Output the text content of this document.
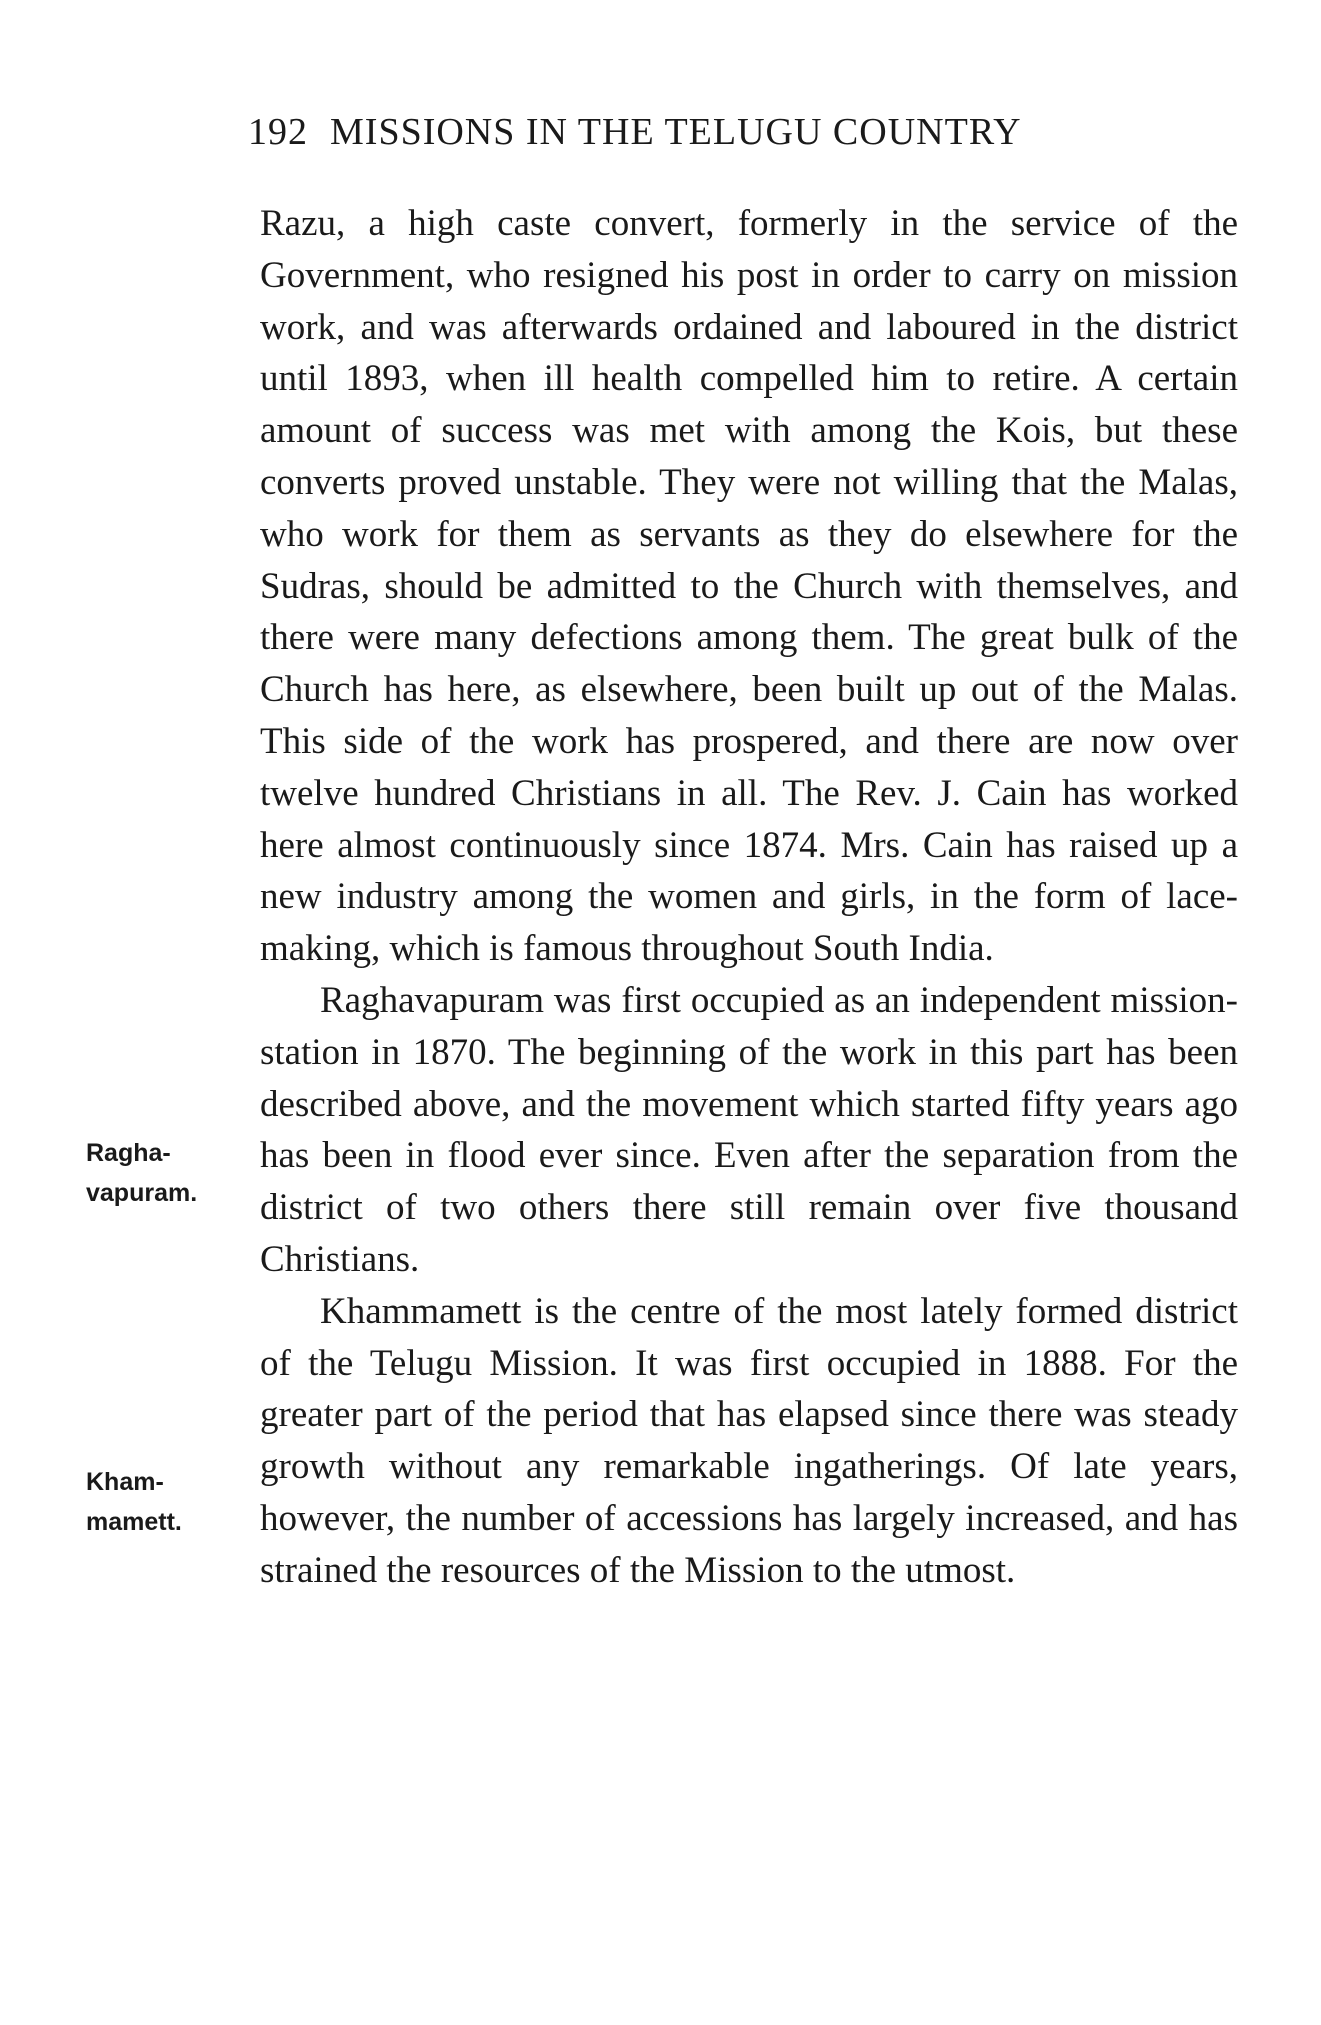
192 MISSIONS IN THE TELUGU COUNTRY

Razu, a high caste convert, formerly in the service of the Government, who resigned his post in order to carry on mission work, and was afterwards ordained and laboured in the district until 1893, when ill health compelled him to retire. A certain amount of success was met with among the Kois, but these converts proved unstable. They were not willing that the Malas, who work for them as servants as they do elsewhere for the Sudras, should be admitted to the Church with themselves, and there were many defections among them. The great bulk of the Church has here, as elsewhere, been built up out of the Malas. This side of the work has prospered, and there are now over twelve hundred Christians in all. The Rev. J. Cain has worked here almost continuously since 1874. Mrs. Cain has raised up a new industry among the women and girls, in the form of lace-making, which is famous throughout South India.

Raghavapuram was first occupied as an independent mission-station in 1870. The beginning of the work in this part has been described above, and the movement which started fifty years ago has been in flood ever since. Even after the separation from the district of two others there still remain over five thousand Christians.

Khammamett is the centre of the most lately formed district of the Telugu Mission. It was first occupied in 1888. For the greater part of the period that has elapsed since there was steady growth without any remarkable ingatherings. Of late years, however, the number of accessions has largely increased, and has strained the resources of the Mission to the utmost.

Ragha-
vapuram.
Kham-
mamett.
